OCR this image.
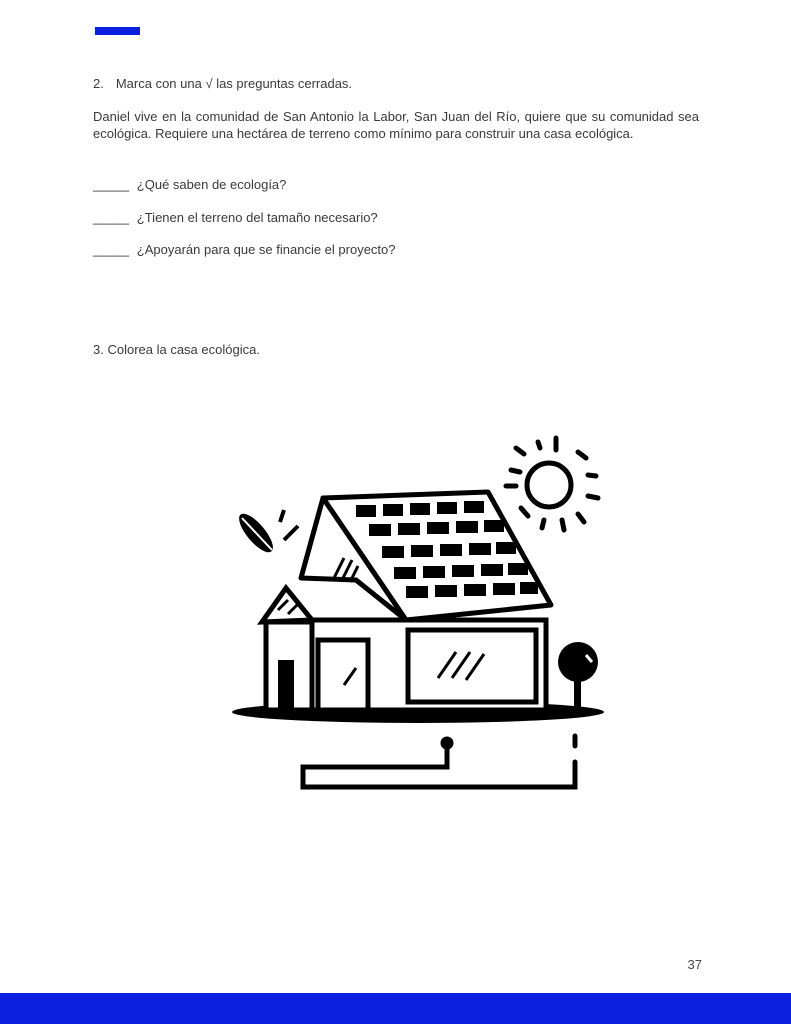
2. Marca con una √ las preguntas cerradas.
Daniel vive en la comunidad de San Antonio la Labor, San Juan del Río, quiere que su comunidad sea ecológica. Requiere una hectárea de terreno como mínimo para construir una casa ecológica.
_____ ¿Qué saben de ecología?
_____ ¿Tienen el terreno del tamaño necesario?
_____ ¿Apoyarán para que se financie el proyecto?
3. Colorea la casa ecológica.
37
